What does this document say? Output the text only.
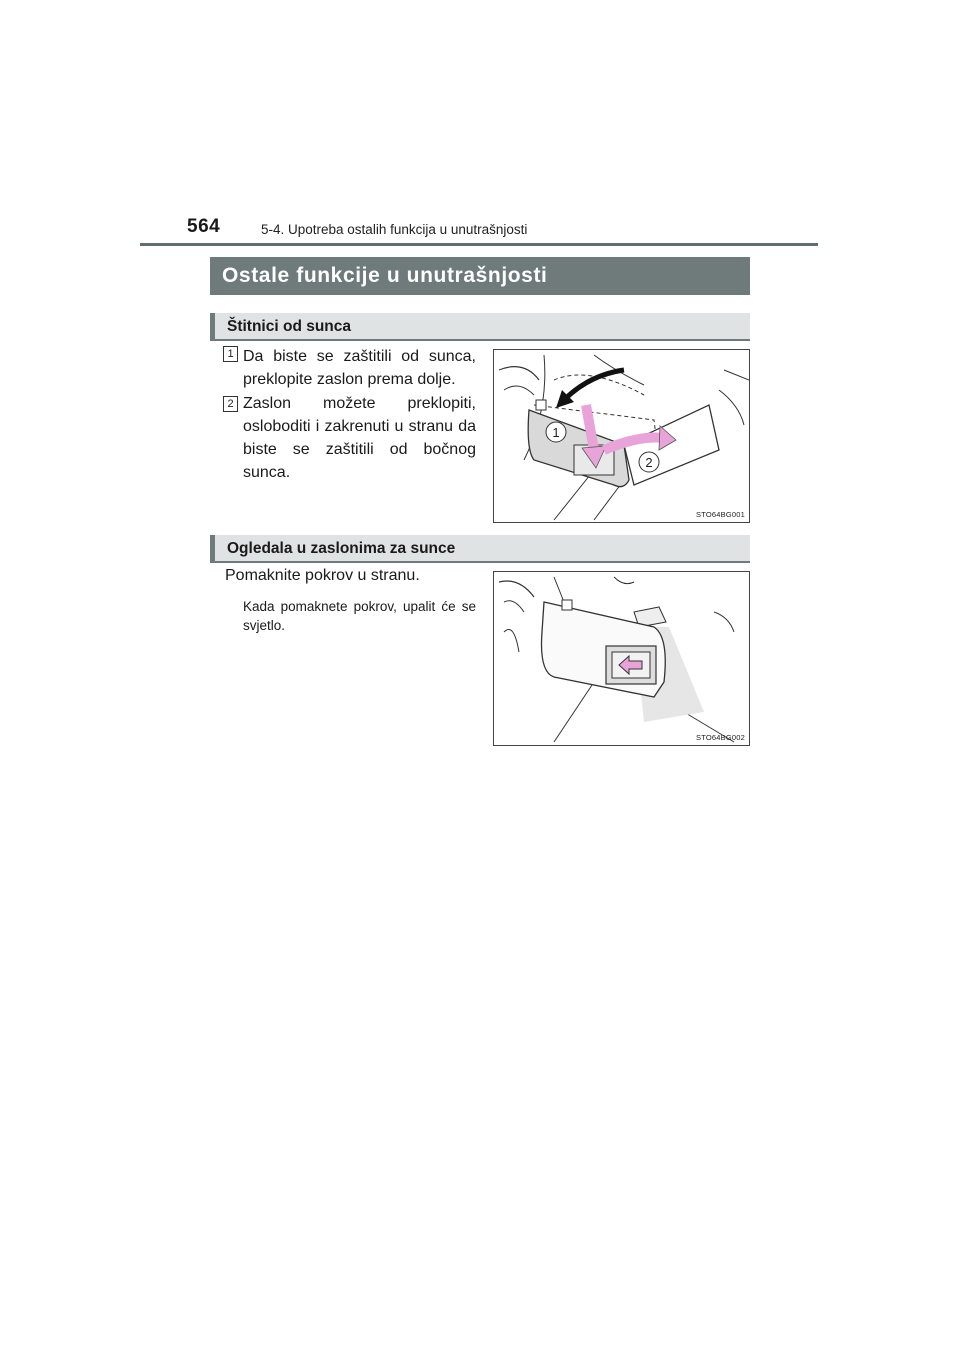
564	5-4. Upotreba ostalih funkcija u unutrašnjosti
Ostale funkcije u unutrašnjosti
Štitnici od sunca
1 Da biste se zaštitili od sunca, preklopite zaslon prema dolje.
2 Zaslon možete preklopiti, osloboditi i zakrenuti u stranu da biste se zaštitili od bočnog sunca.
1
2
STO64BG001
Ogledala u zaslonima za sunce
Pomaknite pokrov u stranu.
Kada pomaknete pokrov, upalit će se svjetlo.
STO64BG002
